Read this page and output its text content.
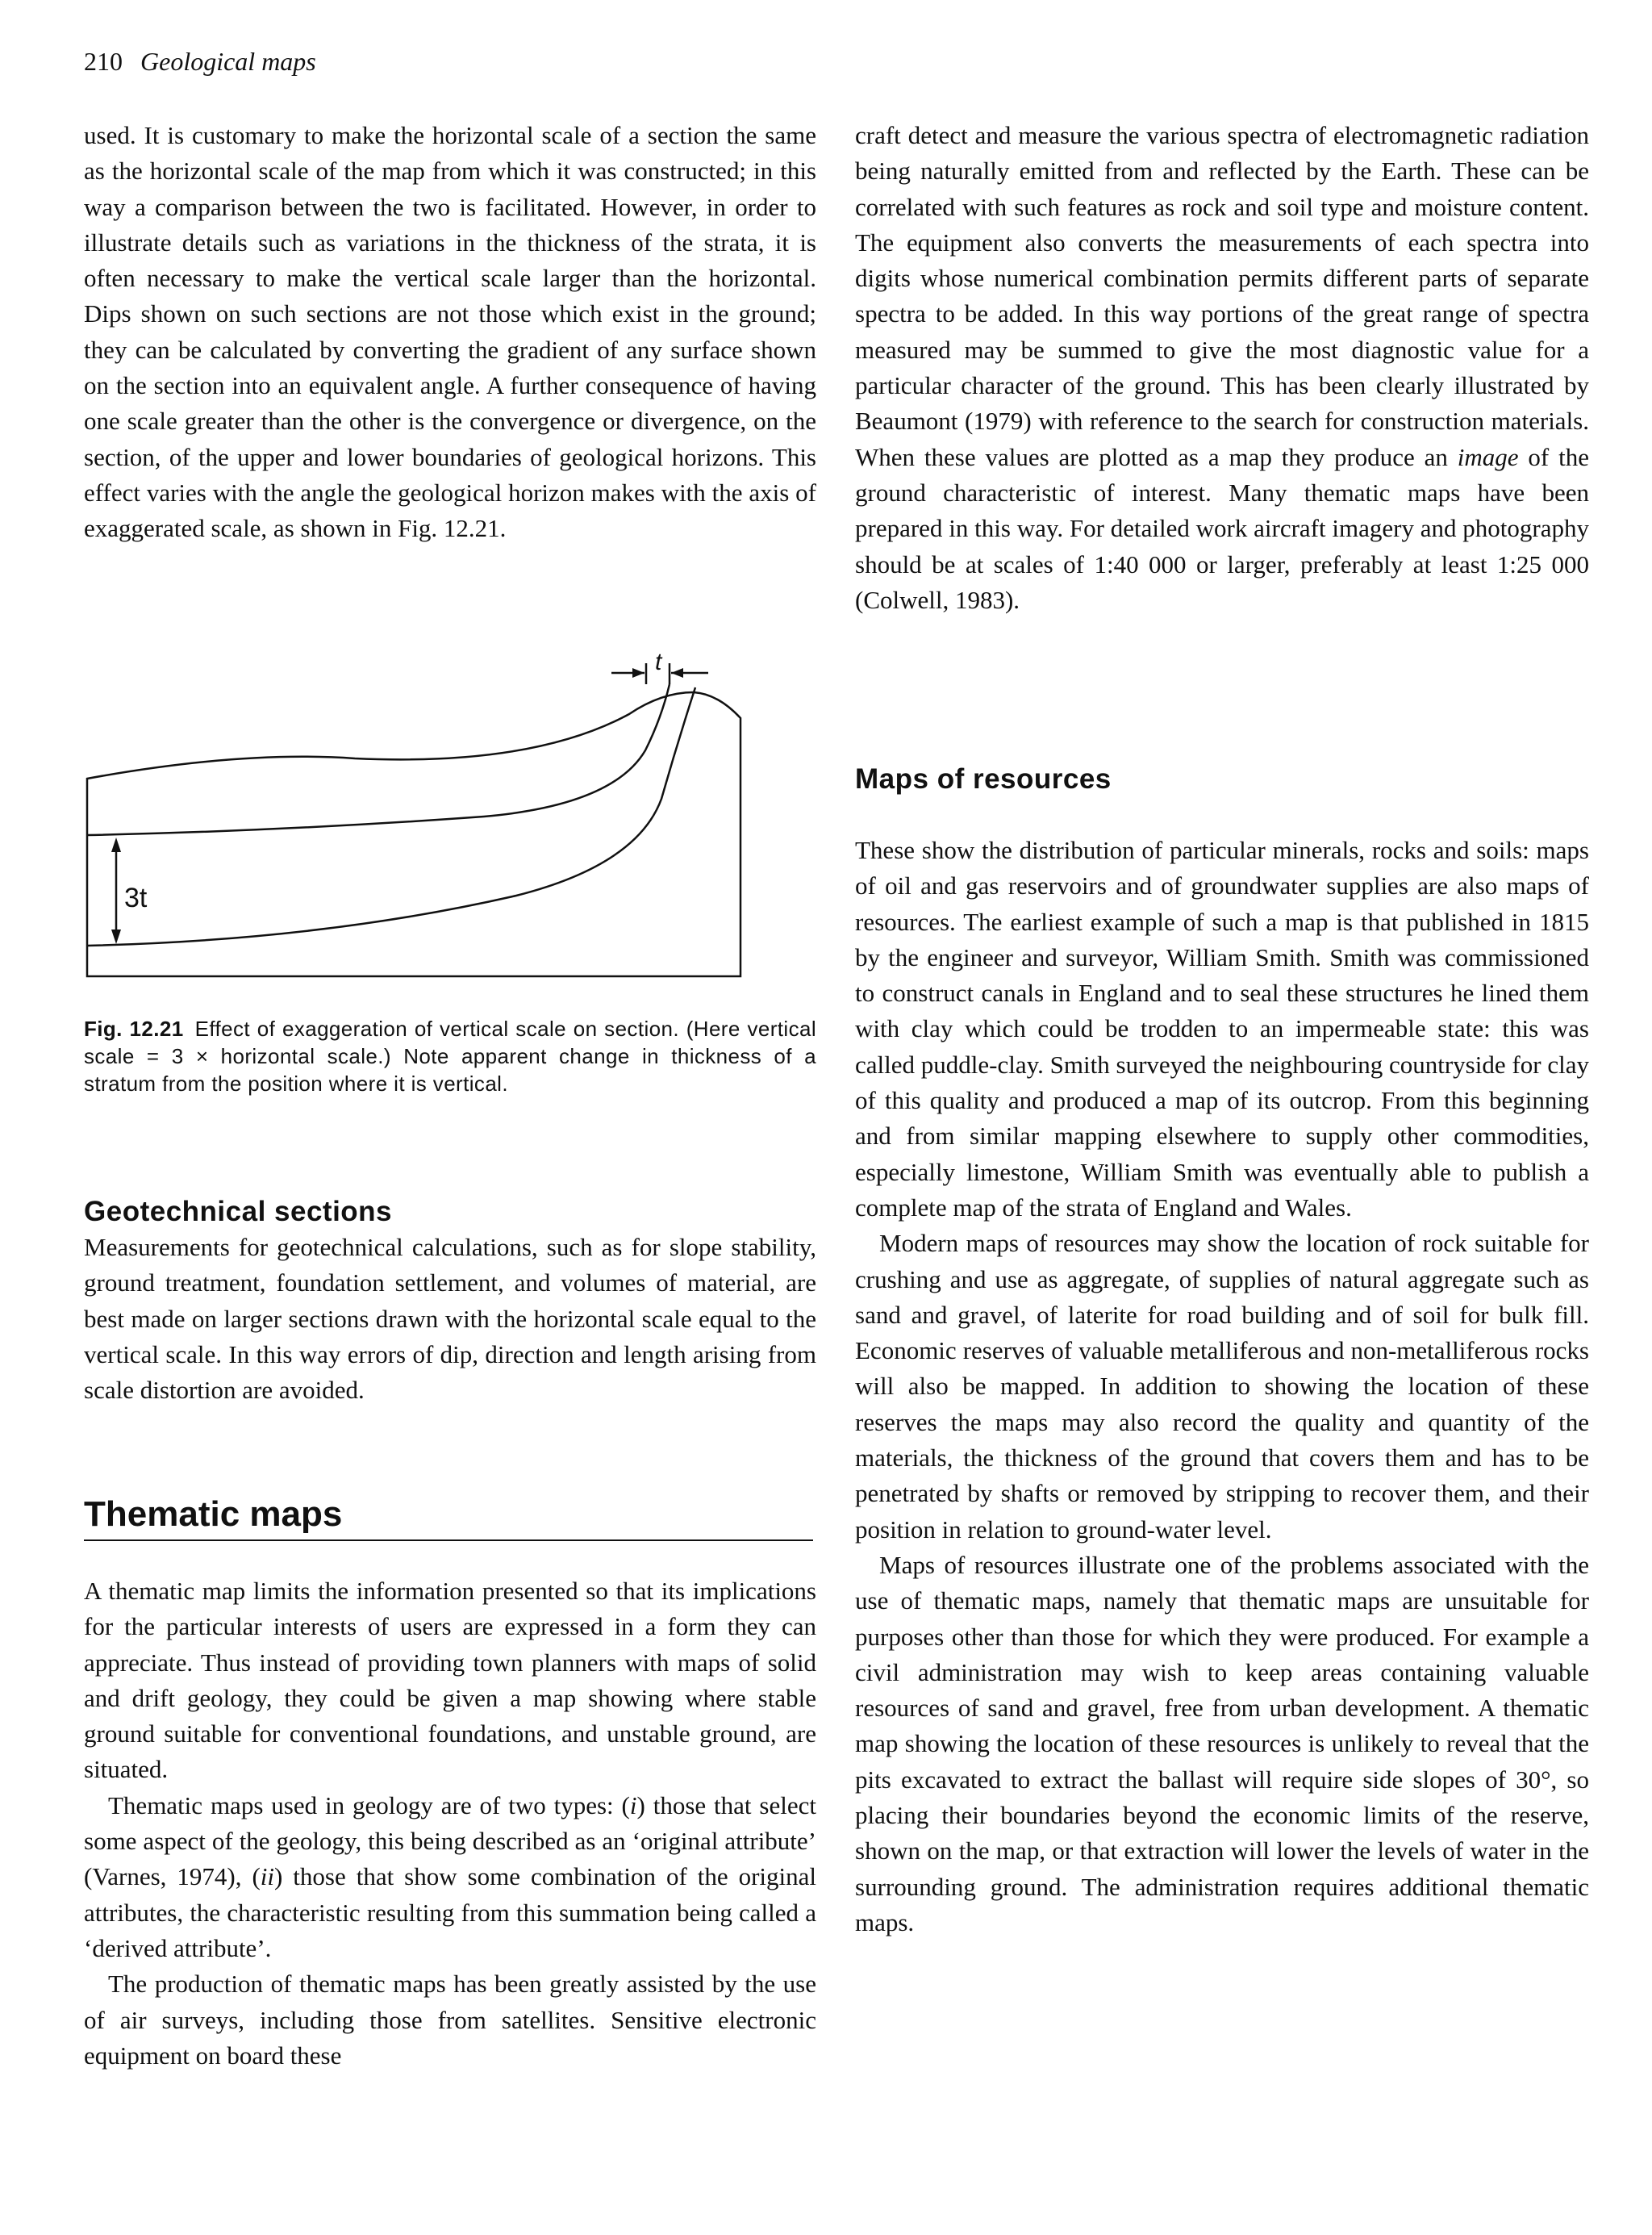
210 Geological maps

used. It is customary to make the horizontal scale of a section the same as the horizontal scale of the map from which it was constructed; in this way a comparison between the two is facilitated. However, in order to illustrate details such as variations in the thickness of the strata, it is often necessary to make the vertical scale larger than the horizontal. Dips shown on such sections are not those which exist in the ground; they can be calculated by converting the gradient of any surface shown on the section into an equivalent angle. A further consequence of having one scale greater than the other is the convergence or divergence, on the section, of the upper and lower boundaries of geological horizons. This effect varies with the angle the geological horizon makes with the axis of exaggerated scale, as shown in Fig. 12.21.

t
3t
Fig. 12.21 Effect of exaggeration of vertical scale on section. (Here vertical scale = 3 × horizontal scale.) Note apparent change in thickness of a stratum from the position where it is vertical.
Geotechnical sections

Measurements for geotechnical calculations, such as for slope stability, ground treatment, foundation settlement, and volumes of material, are best made on larger sections drawn with the horizontal scale equal to the vertical scale. In this way errors of dip, direction and length arising from scale distortion are avoided.

Thematic maps

A thematic map limits the information presented so that its implications for the particular interests of users are expressed in a form they can appreciate. Thus instead of providing town planners with maps of solid and drift geology, they could be given a map showing where stable ground suitable for conventional foundations, and unstable ground, are situated.

Thematic maps used in geology are of two types: (i) those that select some aspect of the geology, this being described as an ‘original attribute’ (Varnes, 1974), (ii) those that show some combination of the original attributes, the characteristic resulting from this summation being called a ‘derived attribute’.

The production of thematic maps has been greatly assisted by the use of air surveys, including those from satellites. Sensitive electronic equipment on board these

craft detect and measure the various spectra of electromagnetic radiation being naturally emitted from and reflected by the Earth. These can be correlated with such features as rock and soil type and moisture content. The equipment also converts the measurements of each spectra into digits whose numerical combination permits different parts of separate spectra to be added. In this way portions of the great range of spectra measured may be summed to give the most diagnostic value for a particular character of the ground. This has been clearly illustrated by Beaumont (1979) with reference to the search for construction materials. When these values are plotted as a map they produce an image of the ground characteristic of interest. Many thematic maps have been prepared in this way. For detailed work aircraft imagery and photography should be at scales of 1:40 000 or larger, preferably at least 1:25 000 (Colwell, 1983).

Maps of resources

These show the distribution of particular minerals, rocks and soils: maps of oil and gas reservoirs and of groundwater supplies are also maps of resources. The earliest example of such a map is that published in 1815 by the engineer and surveyor, William Smith. Smith was commissioned to construct canals in England and to seal these structures he lined them with clay which could be trodden to an impermeable state: this was called puddle-clay. Smith surveyed the neighbouring countryside for clay of this quality and produced a map of its outcrop. From this beginning and from similar mapping elsewhere to supply other commodities, especially limestone, William Smith was eventually able to publish a complete map of the strata of England and Wales.

Modern maps of resources may show the location of rock suitable for crushing and use as aggregate, of supplies of natural aggregate such as sand and gravel, of laterite for road building and of soil for bulk fill. Economic reserves of valuable metalliferous and non-metalliferous rocks will also be mapped. In addition to showing the location of these reserves the maps may also record the quality and quantity of the materials, the thickness of the ground that covers them and has to be penetrated by shafts or removed by stripping to recover them, and their position in relation to ground-water level.

Maps of resources illustrate one of the problems associated with the use of thematic maps, namely that thematic maps are unsuitable for purposes other than those for which they were produced. For example a civil administration may wish to keep areas containing valuable resources of sand and gravel, free from urban development. A thematic map showing the location of these resources is unlikely to reveal that the pits excavated to extract the ballast will require side slopes of 30°, so placing their boundaries beyond the economic limits of the reserve, shown on the map, or that extraction will lower the levels of water in the surrounding ground. The administration requires additional thematic maps.
